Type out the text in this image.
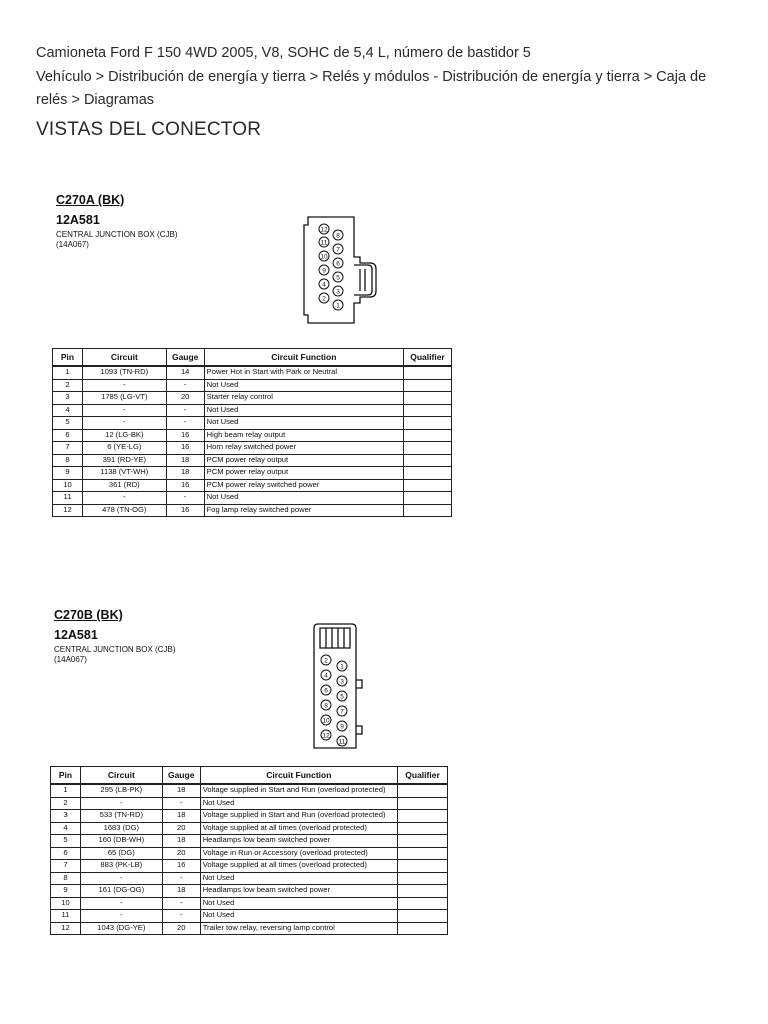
Camioneta Ford F 150 4WD 2005, V8, SOHC de 5,4 L, número de bastidor 5
Vehículo > Distribución de energía y tierra > Relés y módulos - Distribución de energía y tierra > Caja de relés > Diagramas
VISTAS DEL CONECTOR
C270A (BK)
12A581
CENTRAL JUNCTION BOX (CJB)
(14A067)
12
8
11
7
10
6
9
5
4
3
2
1
Pin	Circuit	Gauge	Circuit Function	Qualifier
1	1093 (TN-RD)	14	Power Hot in Start with Park or Neutral	
2	-	-	Not Used	
3	1785 (LG-VT)	20	Starter relay control	
4	-	-	Not Used	
5	-	-	Not Used	
6	12 (LG-BK)	16	High beam relay output	
7	6 (YE-LG)	16	Horn relay switched power	
8	391 (RD-YE)	18	PCM power relay output	
9	1138 (VT-WH)	18	PCM power relay output	
10	361 (RD)	16	PCM power relay switched power	
11	-	-	Not Used	
12	478 (TN-OG)	16	Fog lamp relay switched power	
C270B (BK)
12A581
CENTRAL JUNCTION BOX (CJB)
(14A067)	2
1
4
3
6
5
8
7
10
9
12
11
Pin	Circuit	Gauge	Circuit Function	Qualifier
1	295 (LB-PK)	18	Voltage supplied in Start and Run (overload protected)	
2	-	-	Not Used	
3	533 (TN-RD)	18	Voltage supplied in Start and Run (overload protected)	
4	1683 (DG)	20	Voltage supplied at all times (overload protected)	
5	160 (DB-WH)	18	Headlamps low beam switched power	
6	65 (DG)	20	Voltage in Run or Accessory (overload protected)	
7	883 (PK-LB)	16	Voltage supplied at all times (overload protected)	
8	-	-	Not Used	
9	161 (DG-OG)	18	Headlamps low beam switched power	
10	-	-	Not Used	
11	-	-	Not Used	
12	1043 (DG-YE)	20	Trailer tow relay, reversing lamp control	
